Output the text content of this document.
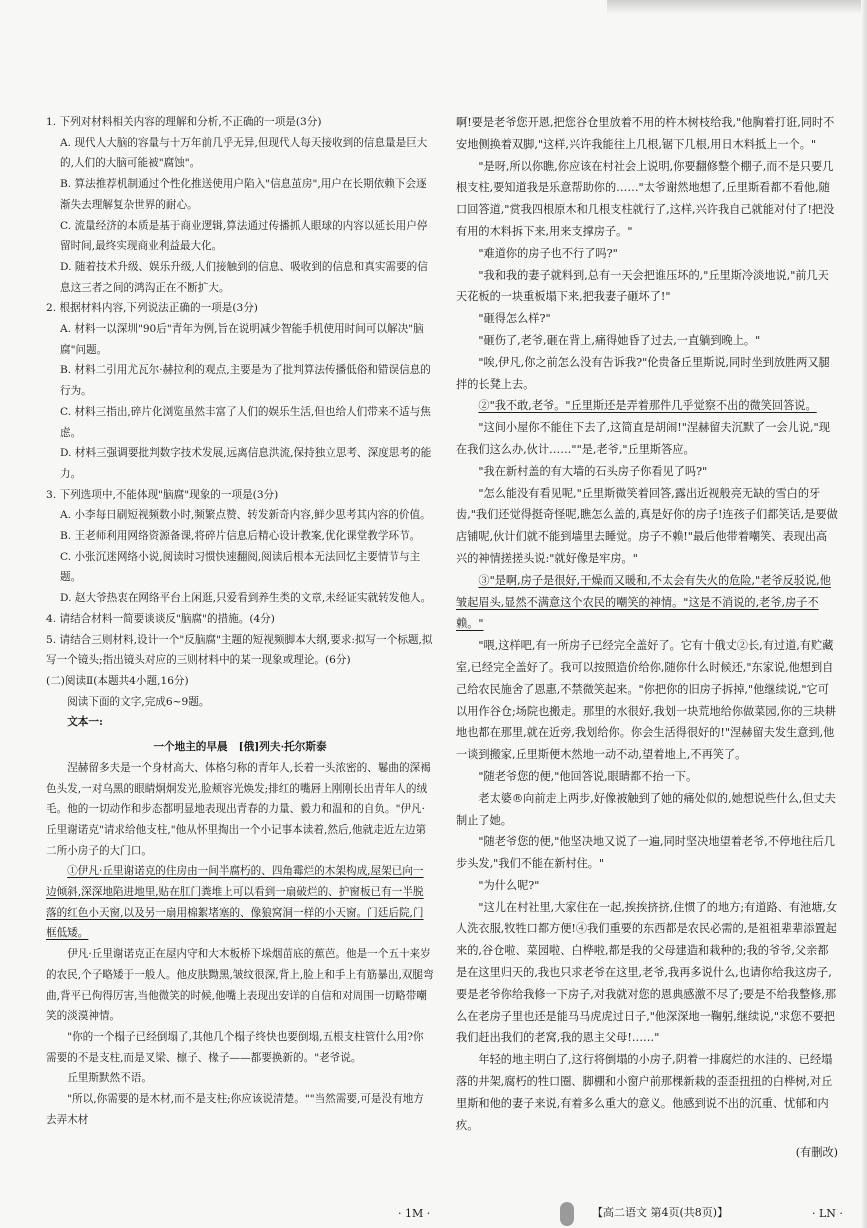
1. 下列对材料相关内容的理解和分析,不正确的一项是(3分)

A. 现代人大脑的容量与十万年前几乎无异,但现代人每天接收到的信息量是巨大的,人们的大脑可能被"腐蚀"。

B. 算法推荐机制通过个性化推送使用户陷入"信息茧房",用户在长期依赖下会逐渐失去理解复杂世界的耐心。

C. 流量经济的本质是基于商业逻辑,算法通过传播抓人眼球的内容以延长用户停留时间,最终实现商业利益最大化。

D. 随着技术升级、娱乐升级,人们接触到的信息、吸收到的信息和真实需要的信息这三者之间的鸿沟正在不断扩大。

2. 根据材料内容,下列说法正确的一项是(3分)

A. 材料一以深圳"90后"青年为例,旨在说明减少智能手机使用时间可以解决"脑腐"问题。

B. 材料二引用尤瓦尔·赫拉利的观点,主要是为了批判算法传播低俗和错误信息的行为。

C. 材料三指出,碎片化浏览虽然丰富了人们的娱乐生活,但也给人们带来不适与焦虑。

D. 材料三强调要批判数字技术发展,远离信息洪流,保持独立思考、深度思考的能力。

3. 下列选项中,不能体现"脑腐"现象的一项是(3分)

A. 小李每日刷短视频数小时,频繁点赞、转发新奇内容,鲜少思考其内容的价值。

B. 王老师利用网络资源备课,将碎片信息后精心设计教案,优化课堂教学环节。

C. 小张沉迷网络小说,阅读时习惯快速翻阅,阅读后根本无法回忆主要情节与主题。

D. 赵大爷热衷在网络平台上闲逛,只爱看到养生类的文章,未经证实就转发他人。

4. 请结合材料一简要谈谈反"脑腐"的措施。(4分)

5. 请结合三则材料,设计一个"反脑腐"主题的短视频脚本大纲,要求:拟写一个标题,拟写一个镜头;指出镜头对应的三则材料中的某一现象或理论。(6分)

(二)阅读Ⅱ(本题共4小题,16分)

阅读下面的文字,完成6~9题。

文本一:

一个地主的早晨 [俄]列夫·托尔斯泰

涅赫留多夫是一个身材高大、体格匀称的青年人,长着一头浓密的、鬈曲的深褐色头发,一对乌黑的眼睛炯炯发光,脸颊容光焕发;排红的嘴唇上刚刚长出青年人的绒毛。他的一切动作和步态都明显地表现出青春的力量、毅力和温和的自负。"伊凡·丘里谢诺克"请求给他支柱,"他从怀里掏出一个小记事本读着,然后,他就走近左边第二所小房子的大门口。

①伊凡·丘里谢诺克的住房由一间半腐朽的、四角霉烂的木架构成,屋架已向一边倾斜,深深地陷进地里,贴在肛门粪堆上可以看到一扇破烂的、护窗板已有一半脱落的红色小天窗,以及另一扇用棉絮堵塞的、像狼窝洞一样的小天窗。门廷后院,门框低矮。

伊凡·丘里谢诺克正在屋内守和大木板桥下垛烟苗底的蕉芭。他是一个五十来岁的农民,个子略矮于一般人。他皮肤黝黑,皱纹很深,背上,脸上和手上有筋暴出,双腿弯曲,背平已佝得厉害,当他微笑的时候,他嘴上表现出安详的自信和对周围一切略带嘲笑的淡漠神情。

"你的一个榻子已经倒塌了,其他几个榻子终快也要倒塌,五根支柱管什么用?你需要的不是支柱,而是叉梁、檩子、椽子——都要换新的。"老爷说。

丘里斯默然不语。

"所以,你需要的是木材,而不是支柱;你应该说清楚。""当然需要,可是没有地方去弄木材

啊!要是老爷您开恩,把您谷仓里放着不用的杵木树枝给我,"他胸着打诳,同时不安地侧换着双脚,"这样,兴许我能往上几根,锯下几根,用日木料抵上一个。"

"是呀,所以你瞧,你应该在村社会上说明,你要翻修整个棚子,而不是只要几根支柱,要知道我是乐意帮助你的……"太爷谢然地想了,丘里斯看都不看他,随口回答道,"赏我四根原木和几根支柱就行了,这样,兴许我自己就能对付了!把没有用的木料拆下来,用来支撑房子。"

"难道你的房子也不行了吗?"

"我和我的妻子就料到,总有一天会把谁压坏的,"丘里斯冷淡地说,"前几天天花板的一块重板塌下来,把我妻子砸坏了!"

"砸得怎么样?"

"砸伤了,老爷,砸在背上,痛得她昏了过去,一直躺到晚上。"

"唉,伊凡,你之前怎么没有告诉我?"伦贵备丘里斯说,同时坐到放胜两又腿拌的长凳上去。

②"我不敢,老爷。"丘里斯还是弄着那件几乎觉察不出的微笑回答说。

"这间小屋你不能住下去了,这简直是胡闹!"涅赫留夫沉默了一会儿说,"现在我们这么办,伙计……""是,老爷,"丘里斯答应。

"我在新村盖的有大墙的石头房子你看见了吗?"

"怎么能没有看见呢,"丘里斯微笑着回答,露出近视般亮无缺的雪白的牙齿,"我们还觉得挺奇怪呢,瞧怎么盖的,真是好你的房子!连孩子们都笑话,是要做店铺呢,伙计们就不能到墙里去睡觉。房子不赖!"最后他带着嘲笑、表现出高兴的神情搓搓头说:"就好像是牢房。"

③"是啊,房子是很好,干燥而又暖和,不太会有失火的危险,"老爷反驳说,他皱起眉头,显然不满意这个农民的嘲笑的神情。"这是不消说的,老爷,房子不赖。"

"喂,这样吧,有一所房子已经完全盖好了。它有十俄丈②长,有过道,有贮藏室,已经完全盖好了。我可以按照造价给你,随你什么时候还,"东家说,他想到自己给农民施舍了恩惠,不禁微笑起来。"你把你的旧房子拆掉,"他继续说,"它可以用作谷仓;场院也搬走。那里的水很好,我划一块荒地给你做菜园,你的三块耕地也都在那里,就在近旁,我划给你。你会生活得很好的!"涅赫留夫发生意到,他一谈到搬家,丘里斯便木然地一动不动,望着地上,不再笑了。

"随老爷您的便,"他回答说,眼睛都不抬一下。

老太婆®向前走上两步,好像被触到了她的痛处似的,她想说些什么,但丈夫制止了她。

"随老爷您的便,"他坚决地又说了一遍,同时坚决地望着老爷,不停地往后几步头发,"我们不能在新村住。"

"为什么呢?"

"这儿在村社里,大家住在一起,挨挨挤挤,住惯了的地方;有道路、有池塘,女人洗衣服,牧牲口都方便!④我们重要的东西都是农民必需的,是祖祖辈辈添置起来的,谷仓啦、菜园啦、白桦啦,都是我的父母建造和栽种的;我的爷爷,父亲都是在这里归天的,我也只求老爷在这里,老爷,我再多说什么,也请你给我这房子,要是老爷你给我修一下房子,对我就对您的恩典感激不尽了;要是不给我整修,那么在老房子里也还是能马马虎虎过日子,"他深深地一鞠躬,继续说,"求您不要把我们赶出我们的老窝,我的恩主父母!……"

年轻的地主明白了,这行将倒塌的小房子,阴着一排腐烂的水洼的、已经塌落的井架,腐朽的牲口圈、脚棚和小窗户前那棵新栽的歪歪扭扭的白桦树,对丘里斯和他的妻子来说,有着多么重大的意义。他感到说不出的沉重、忧郁和内疚。

(有删改)

· 1M ·	【高二语文 第4页(共8页)】	· LN ·
